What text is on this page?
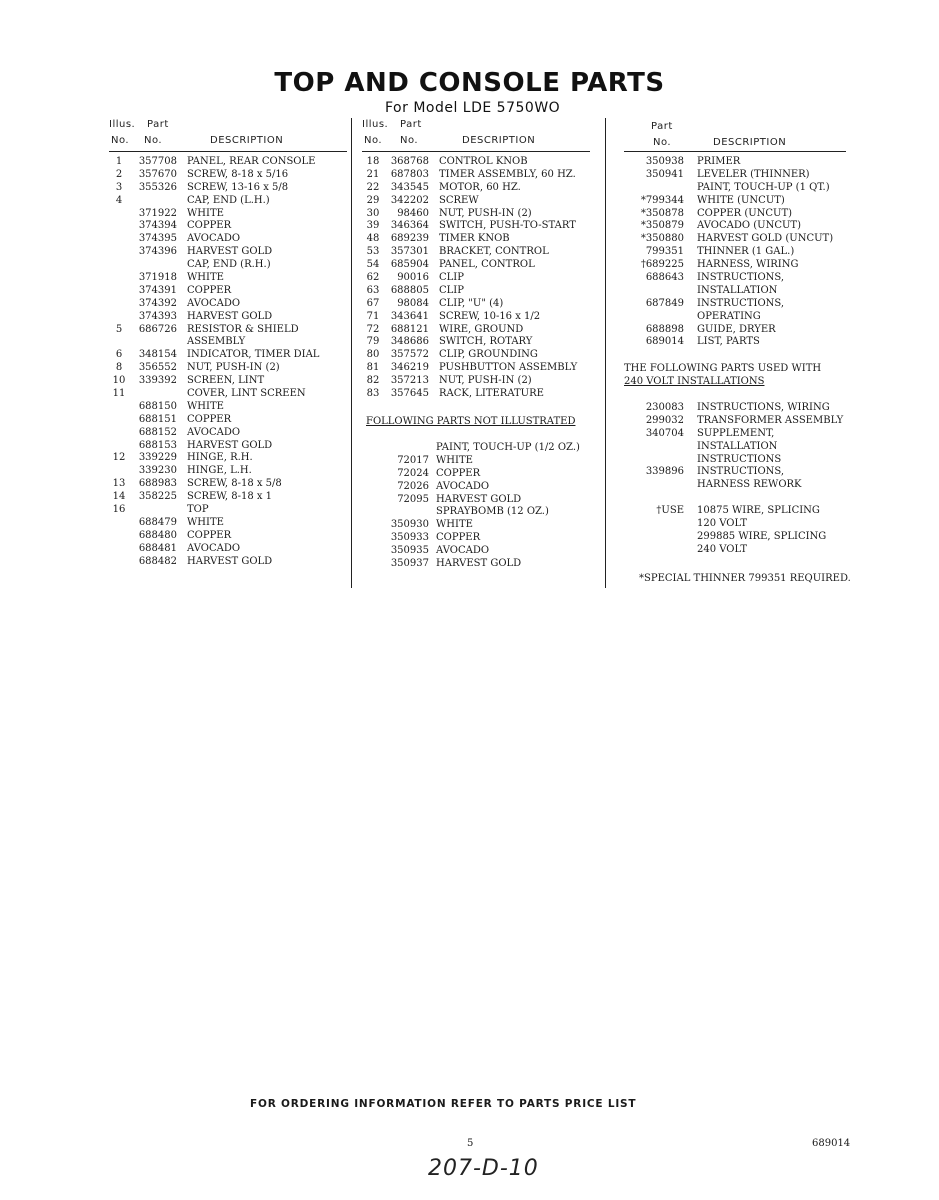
TOP AND CONSOLE PARTS
For Model LDE 5750WO
Illus. Part
No. No.	DESCRIPTION
Illus. Part
No. No.	DESCRIPTION
Part
No.	DESCRIPTION
1	357708 PANEL, REAR CONSOLE
2	357670 SCREW, 8-18 x 5/16
3	355326 SCREW, 13-16 x 5/8
4	CAP, END (L.H.)
371922 WHITE
374394 COPPER
374395 AVOCADO
374396 HARVEST GOLD
CAP, END (R.H.)
371918 WHITE
374391 COPPER
374392 AVOCADO
374393 HARVEST GOLD
5	686726 RESISTOR & SHIELD
ASSEMBLY
6	348154 INDICATOR, TIMER DIAL
8	356552 NUT, PUSH-IN (2)
10	339392 SCREEN, LINT
11	COVER, LINT SCREEN
688150 WHITE
688151 COPPER
688152 AVOCADO
688153 HARVEST GOLD
12	339229 HINGE, R.H.
339230 HINGE, L.H.
13	688983 SCREW, 8-18 x 5/8
14	358225 SCREW, 8-18 x 1
16	TOP
688479 WHITE
688480 COPPER
688481 AVOCADO
688482 HARVEST GOLD
18	368768 CONTROL KNOB
21	687803 TIMER ASSEMBLY, 60 HZ.
22	343545 MOTOR, 60 HZ.
29	342202 SCREW
30	98460 NUT, PUSH-IN (2)
39	346364 SWITCH, PUSH-TO-START
48	689239 TIMER KNOB
53	357301 BRACKET, CONTROL
54	685904 PANEL, CONTROL
62	90016 CLIP
63	688805 CLIP
67	98084 CLIP, "U" (4)
71	343641 SCREW, 10-16 x 1/2
72	688121 WIRE, GROUND
79	348686 SWITCH, ROTARY
80	357572 CLIP, GROUNDING
81	346219 PUSHBUTTON ASSEMBLY
82	357213 NUT, PUSH-IN (2)
83	357645 RACK, LITERATURE
FOLLOWING PARTS NOT ILLUSTRATED
PAINT, TOUCH-UP (1/2 OZ.)
72017 WHITE
72024 COPPER
72026 AVOCADO
72095 HARVEST GOLD
SPRAYBOMB (12 OZ.)
350930 WHITE
350933 COPPER
350935 AVOCADO
350937 HARVEST GOLD
350938 PRIMER
350941 LEVELER (THINNER)
PAINT, TOUCH-UP (1 QT.)
*799344 WHITE (UNCUT)
*350878 COPPER (UNCUT)
*350879 AVOCADO (UNCUT)
*350880 HARVEST GOLD (UNCUT)
799351 THINNER (1 GAL.)
†689225 HARNESS, WIRING
688643 INSTRUCTIONS,
INSTALLATION
687849 INSTRUCTIONS,
OPERATING
688898 GUIDE, DRYER
689014 LIST, PARTS
THE FOLLOWING PARTS USED WITH
240 VOLT INSTALLATIONS
230083 INSTRUCTIONS, WIRING
299032 TRANSFORMER ASSEMBLY
340704 SUPPLEMENT,
INSTALLATION
INSTRUCTIONS
339896 INSTRUCTIONS,
HARNESS REWORK
†USE 10875 WIRE, SPLICING
120 VOLT
299885 WIRE, SPLICING
240 VOLT
*SPECIAL THINNER 799351 REQUIRED.
FOR ORDERING INFORMATION REFER TO PARTS PRICE LIST
5	689014
207-D-10
